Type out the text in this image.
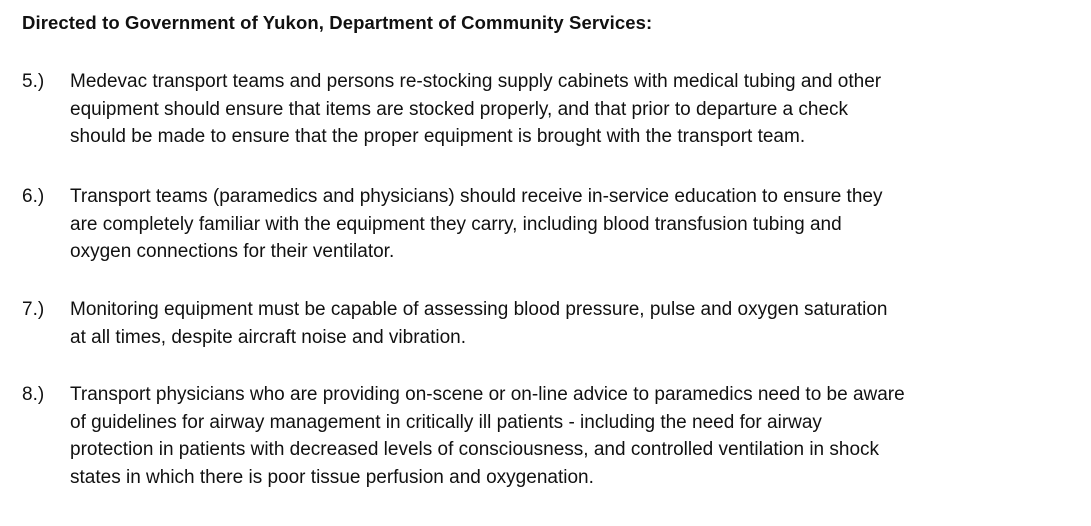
Directed to Government of Yukon, Department of Community Services:
5.)	Medevac transport teams and persons re-stocking supply cabinets with medical tubing and other
equipment should ensure that items are stocked properly, and that prior to departure a check
should be made to ensure that the proper equipment is brought with the transport team.
6.)	Transport teams (paramedics and physicians) should receive in-service education to ensure they
are completely familiar with the equipment they carry, including blood transfusion tubing and
oxygen connections for their ventilator.
7.)	Monitoring equipment must be capable of assessing blood pressure, pulse and oxygen saturation
at all times, despite aircraft noise and vibration.
8.)	Transport physicians who are providing on-scene or on-line advice to paramedics need to be aware
of guidelines for airway management in critically ill patients - including the need for airway
protection in patients with decreased levels of consciousness, and controlled ventilation in shock
states in which there is poor tissue perfusion and oxygenation.
